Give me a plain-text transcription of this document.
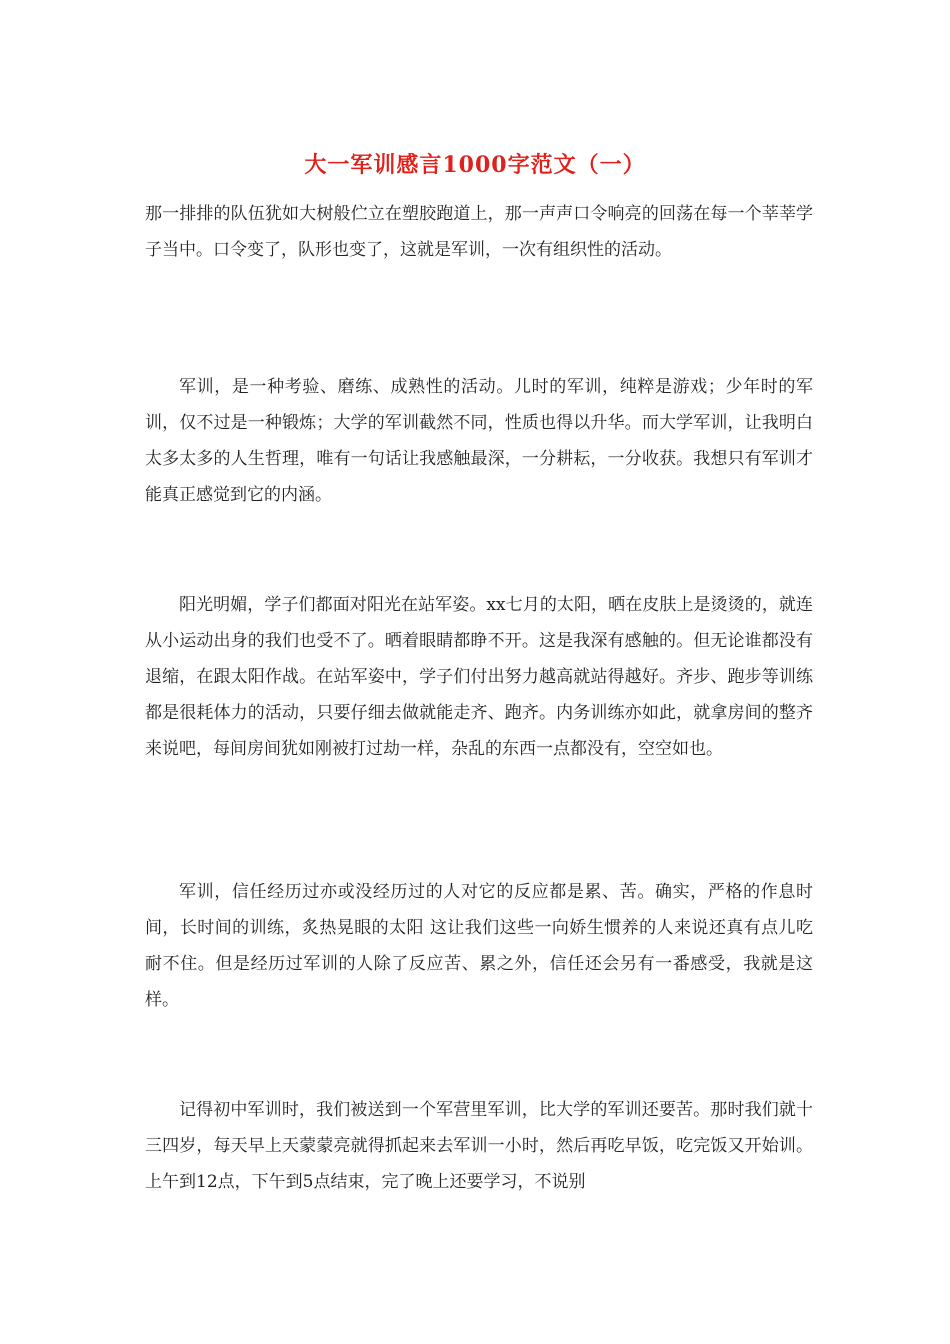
大一军训感言1000字范文（一）

那一排排的队伍犹如大树般伫立在塑胶跑道上，那一声声口令响亮的回荡在每一个莘莘学子当中。口令变了，队形也变了，这就是军训，一次有组织性的活动。

军训，是一种考验、磨练、成熟性的活动。儿时的军训，纯粹是游戏；少年时的军训，仅不过是一种锻炼；大学的军训截然不同，性质也得以升华。而大学军训，让我明白太多太多的人生哲理，唯有一句话让我感触最深，一分耕耘，一分收获。我想只有军训才能真正感觉到它的内涵。

阳光明媚，学子们都面对阳光在站军姿。xx七月的太阳，晒在皮肤上是烫烫的，就连从小运动出身的我们也受不了。晒着眼睛都睁不开。这是我深有感触的。但无论谁都没有退缩，在跟太阳作战。在站军姿中，学子们付出努力越高就站得越好。齐步、跑步等训练都是很耗体力的活动，只要仔细去做就能走齐、跑齐。内务训练亦如此，就拿房间的整齐来说吧，每间房间犹如刚被打过劫一样，杂乱的东西一点都没有，空空如也。

军训，信任经历过亦或没经历过的人对它的反应都是累、苦。确实，严格的作息时间，长时间的训练，炙热晃眼的太阳 这让我们这些一向娇生惯养的人来说还真有点儿吃耐不住。但是经历过军训的人除了反应苦、累之外，信任还会另有一番感受，我就是这样。

记得初中军训时，我们被送到一个军营里军训，比大学的军训还要苦。那时我们就十三四岁，每天早上天蒙蒙亮就得抓起来去军训一小时，然后再吃早饭，吃完饭又开始训。上午到12点，下午到5点结束，完了晚上还要学习，不说别
